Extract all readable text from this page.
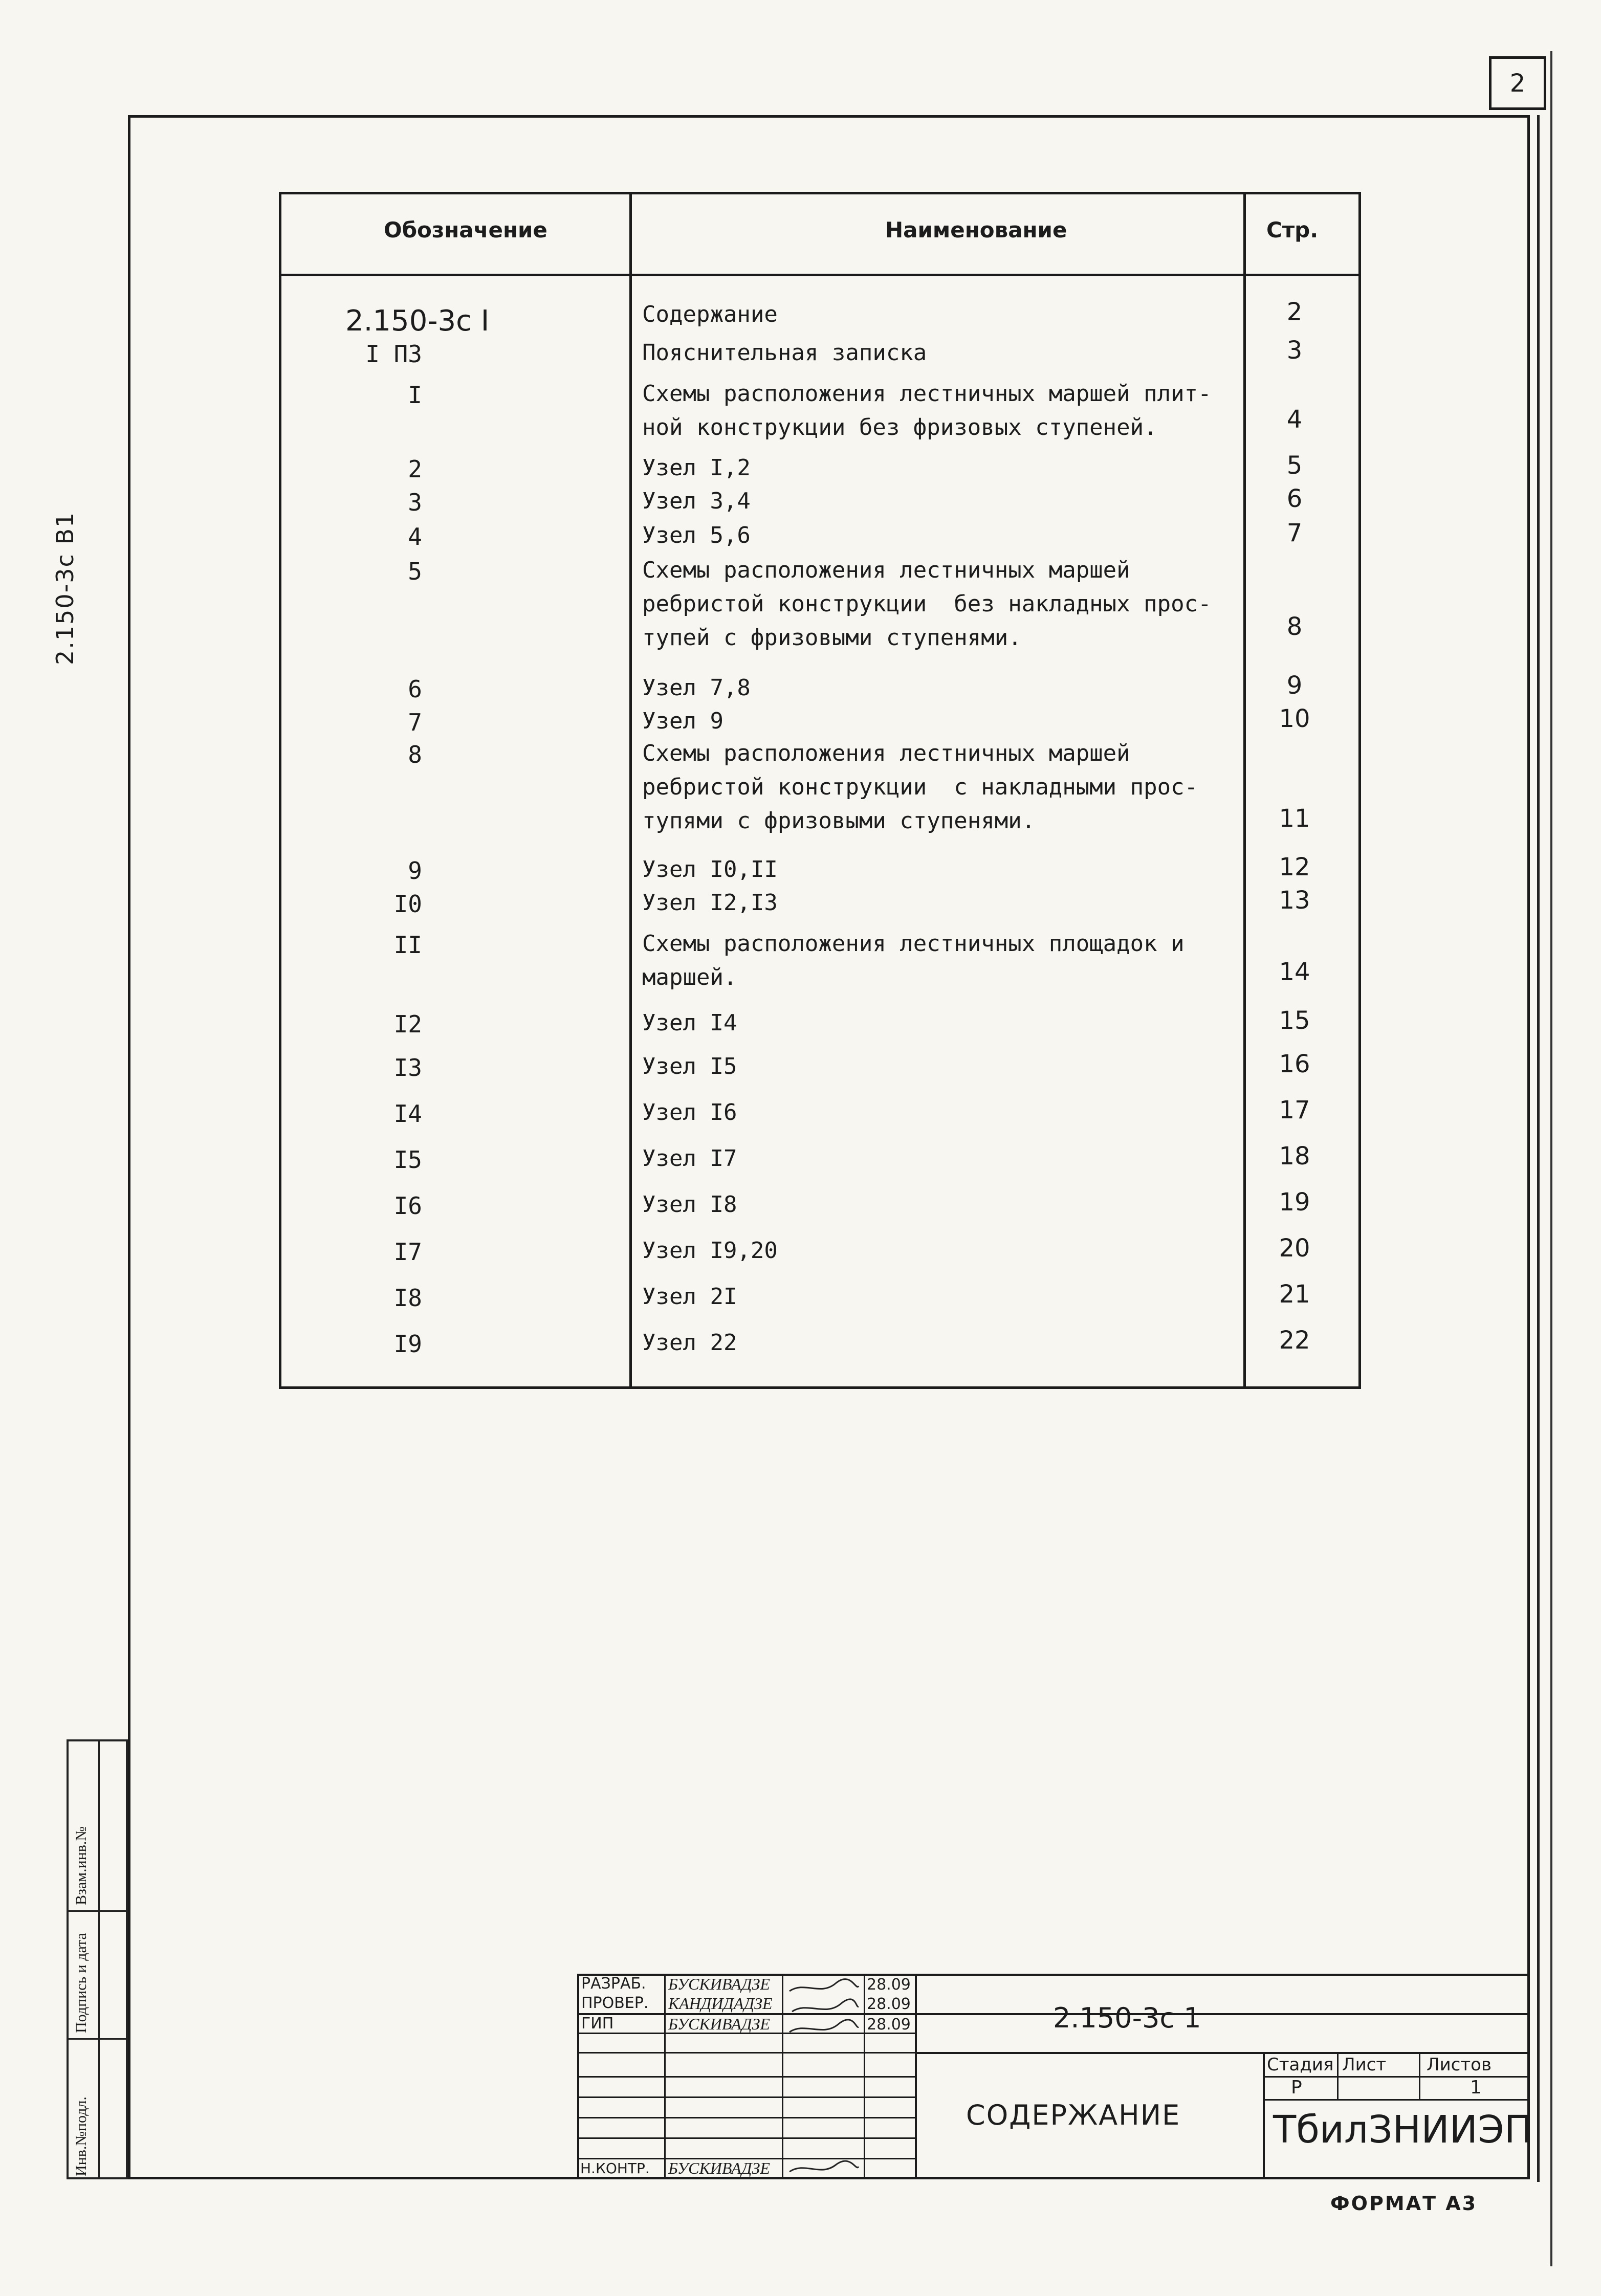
2
2.150-3с В1
Инв.№подл.
Подпись и дата
Взам.инв.№
Обозначение	Наименование	Стр.
2.150-3с I	Содержание	2
I ПЗ	Пояснительная записка	3
I	Схемы расположения лестничных маршей плит-
ной конструкции без фризовых ступеней.	4
2	Узел I,2	5
3	Узел 3,4	6
4	Узел 5,6	7
5	Схемы расположения лестничных маршей
ребристой конструкции  без накладных прос-
тупей с фризовыми ступенями.	8
6	Узел 7,8	9
7	Узел 9	10
8	Схемы расположения лестничных маршей
ребристой конструкции  с накладными прос-
тупями с фризовыми ступенями.	11
9	Узел I0,II	12
I0	Узел I2,I3	13
II	Схемы расположения лестничных площадок и
маршей.	14
I2	Узел I4	15
I3	Узел I5	16
I4	Узел I6	17
I5	Узел I7	18
I6	Узел I8	19
I7	Узел I9,20	20
I8	Узел 2I	21
I9	Узел 22	22
РАЗРАБ. БУСКИВАДЗЕ	28.09
ПРОВЕР. КАНДИДАДЗЕ	28.09
ГИП	БУСКИВАДЗЕ	28.09
Н.КОНТР. БУСКИВАДЗЕ
2.150-3с 1
СОДЕРЖАНИЕ
Стадия Лист Листов
Р	1
ТбилЗНИИЭП
ФОРМАТ А3
